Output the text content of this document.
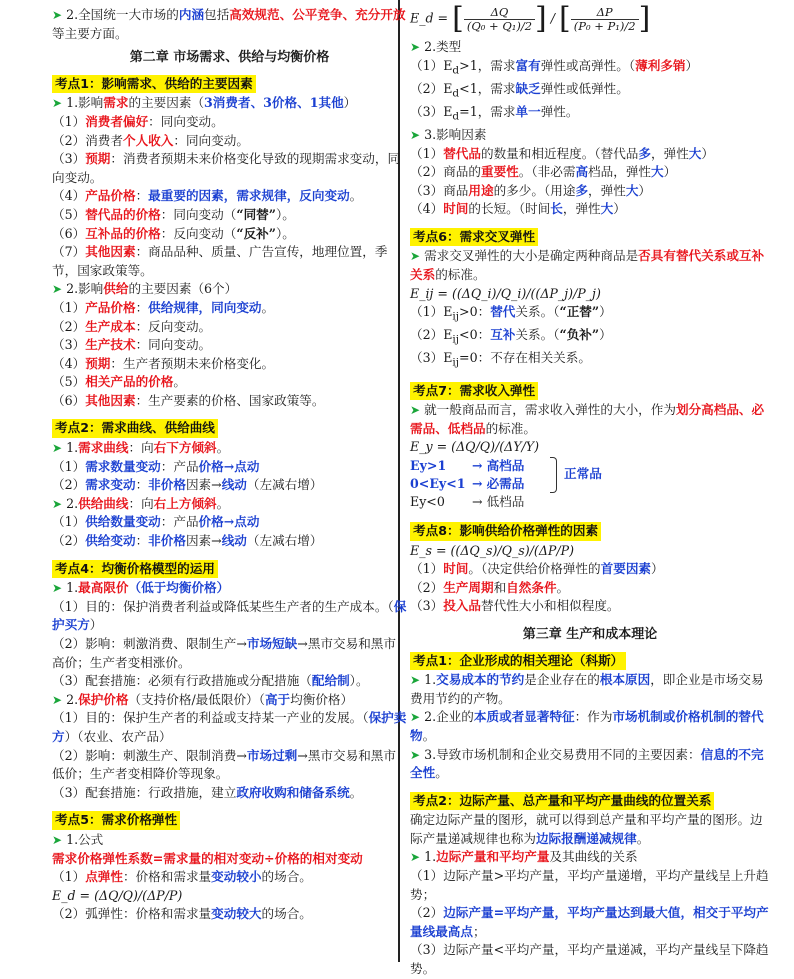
➤ 2.全国统一大市场的内涵包括高效规范、公平竞争、充分开放等主要方面。
第二章 市场需求、供给与均衡价格
考点1：影响需求、供给的主要因素
➤ 1.影响需求的主要因素（3消费者、3价格、1其他）
（1）消费者偏好：同向变动。
（2）消费者个人收入：同向变动。
（3）预期：消费者预期未来价格变化导致的现期需求变动，同向变动。
（4）产品价格：最重要的因素，需求规律，反向变动。
（5）替代品的价格：同向变动（“同替”）。
（6）互补品的价格：反向变动（“反补”）。
（7）其他因素：商品品种、质量、广告宣传，地理位置，季节，国家政策等。
➤ 2.影响供给的主要因素（6个）
（1）产品价格：供给规律，同向变动。
（2）生产成本：反向变动。
（3）生产技术：同向变动。
（4）预期：生产者预期未来价格变化。
（5）相关产品的价格。
（6）其他因素：生产要素的价格、国家政策等。
考点2：需求曲线、供给曲线
➤ 1.需求曲线：向右下方倾斜。
（1）需求数量变动：产品价格→点动
（2）需求变动：非价格因素→线动（左减右增）
➤ 2.供给曲线：向右上方倾斜。
（1）供给数量变动：产品价格→点动
（2）供给变动：非价格因素→线动（左减右增）
考点4：均衡价格模型的运用
➤ 1.最高限价（低于均衡价格）
（1）目的：保护消费者利益或降低某些生产者的生产成本。（保护买方）
（2）影响：刺激消费、限制生产→市场短缺→黑市交易和黑市高价；生产者变相涨价。
（3）配套措施：必须有行政措施或分配措施（配给制）。
➤ 2.保护价格（支持价格/最低限价）（高于均衡价格）
（1）目的：保护生产者的利益或支持某一产业的发展。（保护卖方）（农业、农产品）
（2）影响：刺激生产、限制消费→市场过剩→黑市交易和黑市低价；生产者变相降价等现象。
（3）配套措施：行政措施，建立政府收购和储备系统。
考点5：需求价格弹性
➤ 1.公式
需求价格弹性系数=需求量的相对变动÷价格的相对变动
（1）点弹性：价格和需求量变动较小的场合。
E_d = (ΔQ/Q)/(ΔP/P)
（2）弧弹性：价格和需求量变动较大的场合。
E_d = [ $\frac{\Delta Q}{\text{(Q₀ + Q₁)/2}}$ ] / [ $\frac{\Delta P}{\text{(P₀ + P₁)/2}}$ ]
➤ 2.类型
$(1)E_d>1$，需求富有弹性或高弹性。（薄利多销）
$(2)E_d<1$，需求缺乏弹性或低弹性。
$(3)E_d=1$，需求单一弹性。
➤ 3.影响因素
（1）替代品的数量和相近程度。（替代品多，弹性大）
（2）商品的重要性。（非必需高档品，弹性大）
（3）商品用途的多少。（用途多，弹性大）
（4）时间的长短。（时间长，弹性大）
考点6：需求交叉弹性
➤ 需求交叉弹性的大小是确定两种商品是否具有替代关系或互补关系的标准。
E_ij = ((ΔQ_i)/Q_i)/((ΔP_j)/P_j)
$(1)E_{ij}>0$：替代关系。（“正替”）
$(2)E_{ij}<0$：互补关系。（“负补”）
$(3)E_{ij}=0$：不存在相关关系。
考点7：需求收入弹性
➤ 就一般商品而言，需求收入弹性的大小，作为划分高档品、必需品、低档品的标准。
E_y = (ΔQ/Q)/(ΔY/Y)
Ey>1 → 高档品
0<Ey<1 → 必需品
正常品
Ey<0 → 低档品
考点8：影响供给价格弹性的因素
E_s = ((ΔQ_s)/Q_s)/(ΔP/P)
（1）时间。（决定供给价格弹性的首要因素）
（2）生产周期和自然条件。
（3）投入品替代性大小和相似程度。
第三章 生产和成本理论
考点1：企业形成的相关理论（科斯）
➤ 1.交易成本的节约是企业存在的根本原因，即企业是市场交易费用节约的产物。
➤ 2.企业的本质或者显著特征：作为市场机制或价格机制的替代物。
➤ 3.导致市场机制和企业交易费用不同的主要因素：信息的不完全性。
考点2：边际产量、总产量和平均产量曲线的位置关系
确定边际产量的图形，就可以得到总产量和平均产量的图形。边际产量递减规律也称为边际报酬递减规律。
➤ 1.边际产量和平均产量及其曲线的关系
（1）边际产量>平均产量，平均产量递增，平均产量线呈上升趋势；
（2）边际产量=平均产量，平均产量达到最大值，相交于平均产量线最高点；
（3）边际产量<平均产量，平均产量递减，平均产量线呈下降趋势。
